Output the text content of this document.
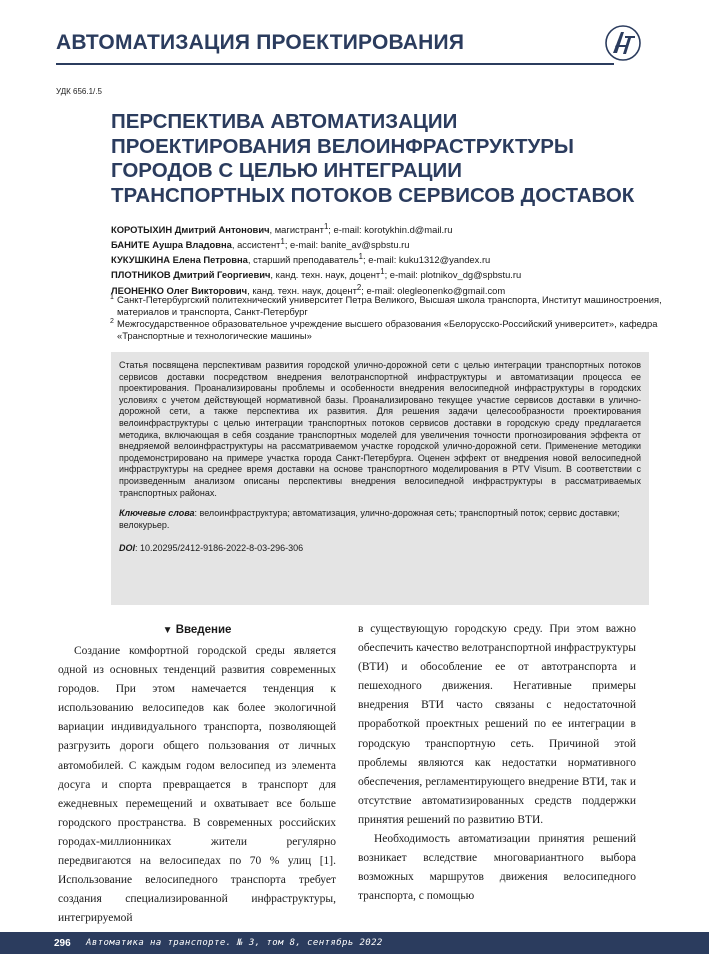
АВТОМАТИЗАЦИЯ ПРОЕКТИРОВАНИЯ
УДК 656.1/.5
ПЕРСПЕКТИВА АВТОМАТИЗАЦИИ
ПРОЕКТИРОВАНИЯ ВЕЛОИНФРАСТРУКТУРЫ
ГОРОДОВ С ЦЕЛЬЮ ИНТЕГРАЦИИ
ТРАНСПОРТНЫХ ПОТОКОВ СЕРВИСОВ ДОСТАВОК
КОРОТЫХИН Дмитрий Антонович, магистрант$^1$; e-mail: korotykhin.d@mail.ru
БАНИТЕ Аушра Владовна, ассистент$^1$; e-mail: banite_av@spbstu.ru
КУКУШКИНА Елена Петровна, старший преподаватель$^1$; e-mail: kuku1312@yandex.ru
ПЛОТНИКОВ Дмитрий Георгиевич, канд. техн. наук, доцент$^1$; e-mail: plotnikov_dg@spbstu.ru
ЛЕОНЕНКО Олег Викторович, канд. техн. наук, доцент$^2$; e-mail: olegleonenko@gmail.com
1 Санкт-Петербургский политехнический университет Петра Великого, Высшая школа транспорта, Институт машиностроения, материалов и транспорта, Санкт-Петербург
2 Межгосударственное образовательное учреждение высшего образования «Белорусско-Российский университет», кафедра «Транспортные и технологические машины»

Статья посвящена перспективам развития городской улично-дорожной сети с целью интеграции транспортных потоков сервисов доставки посредством внедрения велотранспортной инфраструктуры и автоматизации процесса ее проектирования. Проанализированы проблемы и особенности внедрения велосипедной инфраструктуры в городских условиях с учетом действующей нормативной базы. Проанализировано текущее участие сервисов доставки в улично-дорожной сети, а также перспектива их развития. Для решения задачи целесообразности проектирования велоинфраструктуры с целью интеграции транспортных потоков сервисов доставки в городскую среду предлагается методика, включающая в себя создание транспортных моделей для увеличения точности прогнозирования эффекта от внедряемой велоинфраструктуры на рассматриваемом участке городской улично-дорожной сети. Применение методики продемонстрировано на примере участка города Санкт-Петербурга. Оценен эффект от внедрения новой велосипедной инфраструктуры на среднее время доставки на основе транспортного моделирования в PTV Visum. В соответствии с произведенным анализом описаны перспективы внедрения велосипедной инфраструктуры в рассматриваемых транспортных районах.

Ключевые слова: велоинфраструктура; автоматизация, улично-дорожная сеть; транспортный поток; сервис доставки; велокурьер.

DOI: 10.20295/2412-9186-2022-8-03-296-306

▼ Введение

Создание комфортной городской среды является одной из основных тенденций развития современных городов. При этом намечается тенденция к использованию велосипедов как более экологичной вариации индивидуального транспорта, позволяющей разгрузить дороги общего пользования от личных автомобилей. С каждым годом велосипед из элемента досуга и спорта превращается в транспорт для ежедневных перемещений и охватывает все больше городского пространства. В современных российских городах-миллионниках жители регулярно передвигаются на велосипедах по 70 % улиц [1]. Использование велосипедного транспорта требует создания специализированной инфраструктуры, интегрируемой

в существующую городскую среду. При этом важно обеспечить качество велотранспортной инфраструктуры (ВТИ) и обособление ее от автотранспорта и пешеходного движения. Негативные примеры внедрения ВТИ часто связаны с недостаточной проработкой проектных решений по ее интеграции в городскую транспортную сеть. Причиной этой проблемы являются как недостатки нормативного обеспечения, регламентирующего внедрение ВТИ, так и отсутствие автоматизированных средств поддержки принятия решений по развитию ВТИ.

Необходимость автоматизации принятия решений возникает вследствие многовариантного выбора возможных маршрутов движения велосипедного транспорта, с помощью

296 Автоматика на транспорте. № 3, том 8, сентябрь 2022
